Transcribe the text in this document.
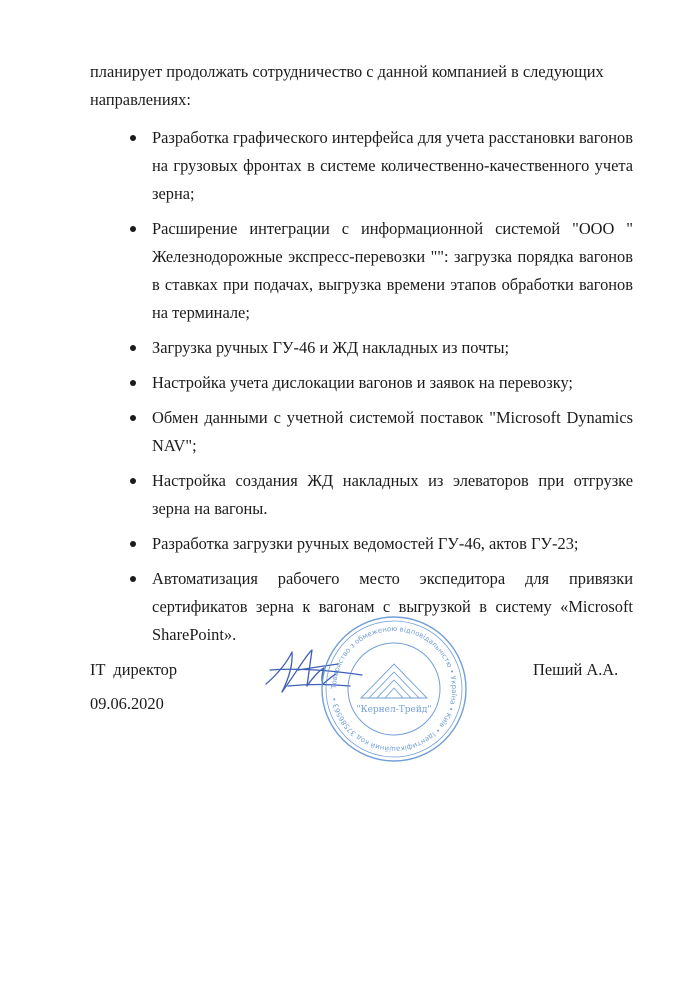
планирует продолжать сотрудничество с данной компанией в следующих
направлениях:
Разработка графического интерфейса для учета расстановки вагонов
на грузовых фронтах в системе количественно-качественного учета
зерна;
Расширение интеграции с информационной системой "ООО "
Железнодорожные экспресс-перевозки "": загрузка порядка вагонов
в ставках при подачах, выгрузка времени этапов обработки вагонов
на терминале;
Загрузка ручных ГУ-46 и ЖД накладных из почты;
Настройка учета дислокации вагонов и заявок на перевозку;
Обмен данными с учетной системой поставок "Microsoft Dynamics
NAV";
Настройка создания ЖД накладных из элеваторов при отгрузке
зерна на вагоны.
Разработка загрузки ручных ведомостей ГУ-46, актов ГУ-23;
Автоматизация рабочего место экспедитора для привязки
сертификатов зерна к вагонам с выгрузкой в систему «Microsoft
SharePoint».
IT  директор
09.06.2020
Пеший А.А.
Товариство з обмеженою відповідальністю • Україна • Київ • Ідентифікаційний код 37586563 •
"Кернел-Трейд"
